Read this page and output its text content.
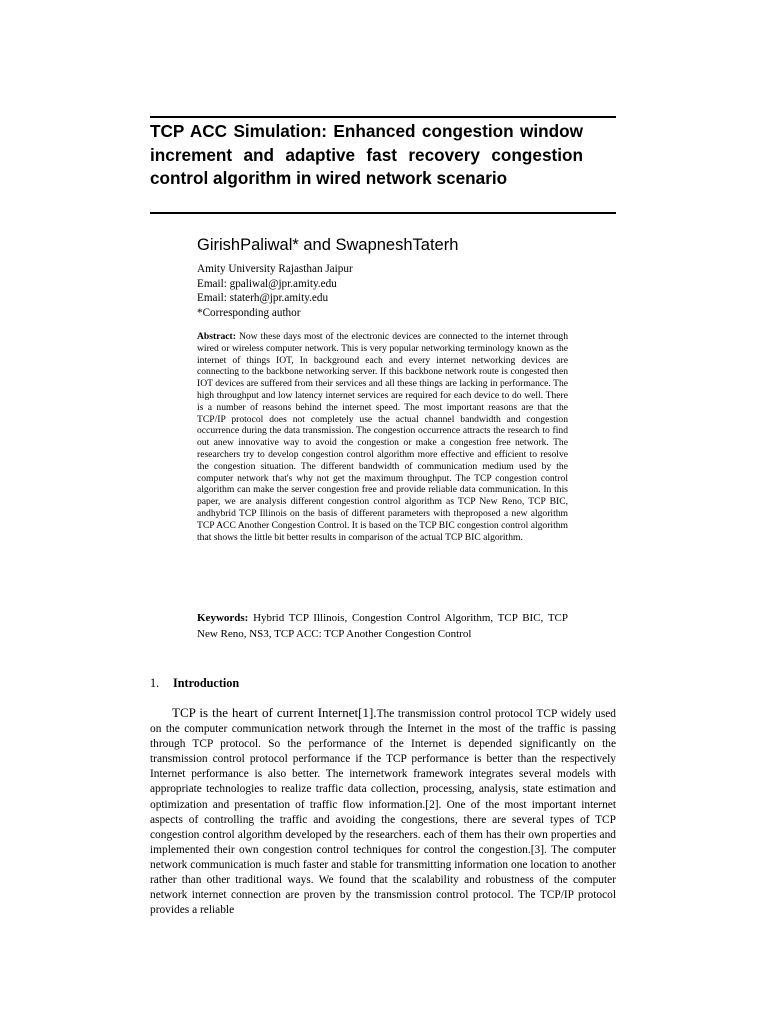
TCP ACC Simulation: Enhanced congestion window increment and adaptive fast recovery congestion control algorithm in wired network scenario

GirishPaliwal* and SwapneshTaterh

Amity University Rajasthan Jaipur
Email: gpaliwal@jpr.amity.edu
Email: staterh@jpr.amity.edu
*Corresponding author

Abstract: Now these days most of the electronic devices are connected to the internet through wired or wireless computer network. This is very popular networking terminology known as the internet of things IOT, In background each and every internet networking devices are connecting to the backbone networking server. If this backbone network route is congested then IOT devices are suffered from their services and all these things are lacking in performance. The high throughput and low latency internet services are required for each device to do well. There is a number of reasons behind the internet speed. The most important reasons are that the TCP/IP protocol does not completely use the actual channel bandwidth and congestion occurrence during the data transmission. The congestion occurrence attracts the research to find out anew innovative way to avoid the congestion or make a congestion free network. The researchers try to develop congestion control algorithm more effective and efficient to resolve the congestion situation. The different bandwidth of communication medium used by the computer network that's why not get the maximum throughput. The TCP congestion control algorithm can make the server congestion free and provide reliable data communication. In this paper, we are analysis different congestion control algorithm as TCP New Reno, TCP BIC, andhybrid TCP Illinois on the basis of different parameters with theproposed a new algorithm TCP ACC Another Congestion Control. It is based on the TCP BIC congestion control algorithm that shows the little bit better results in comparison of the actual TCP BIC algorithm.

Keywords: Hybrid TCP Illinois, Congestion Control Algorithm, TCP BIC, TCP New Reno, NS3, TCP ACC: TCP Another Congestion Control

1. Introduction

TCP is the heart of current Internet[1].The transmission control protocol TCP widely used on the computer communication network through the Internet in the most of the traffic is passing through TCP protocol. So the performance of the Internet is depended significantly on the transmission control protocol performance if the TCP performance is better than the respectively Internet performance is also better. The internetwork framework integrates several models with appropriate technologies to realize traffic data collection, processing, analysis, state estimation and optimization and presentation of traffic flow information.[2]. One of the most important internet aspects of controlling the traffic and avoiding the congestions, there are several types of TCP congestion control algorithm developed by the researchers. each of them has their own properties and implemented their own congestion control techniques for control the congestion.[3]. The computer network communication is much faster and stable for transmitting information one location to another rather than other traditional ways. We found that the scalability and robustness of the computer network internet connection are proven by the transmission control protocol. The TCP/IP protocol provides a reliable
